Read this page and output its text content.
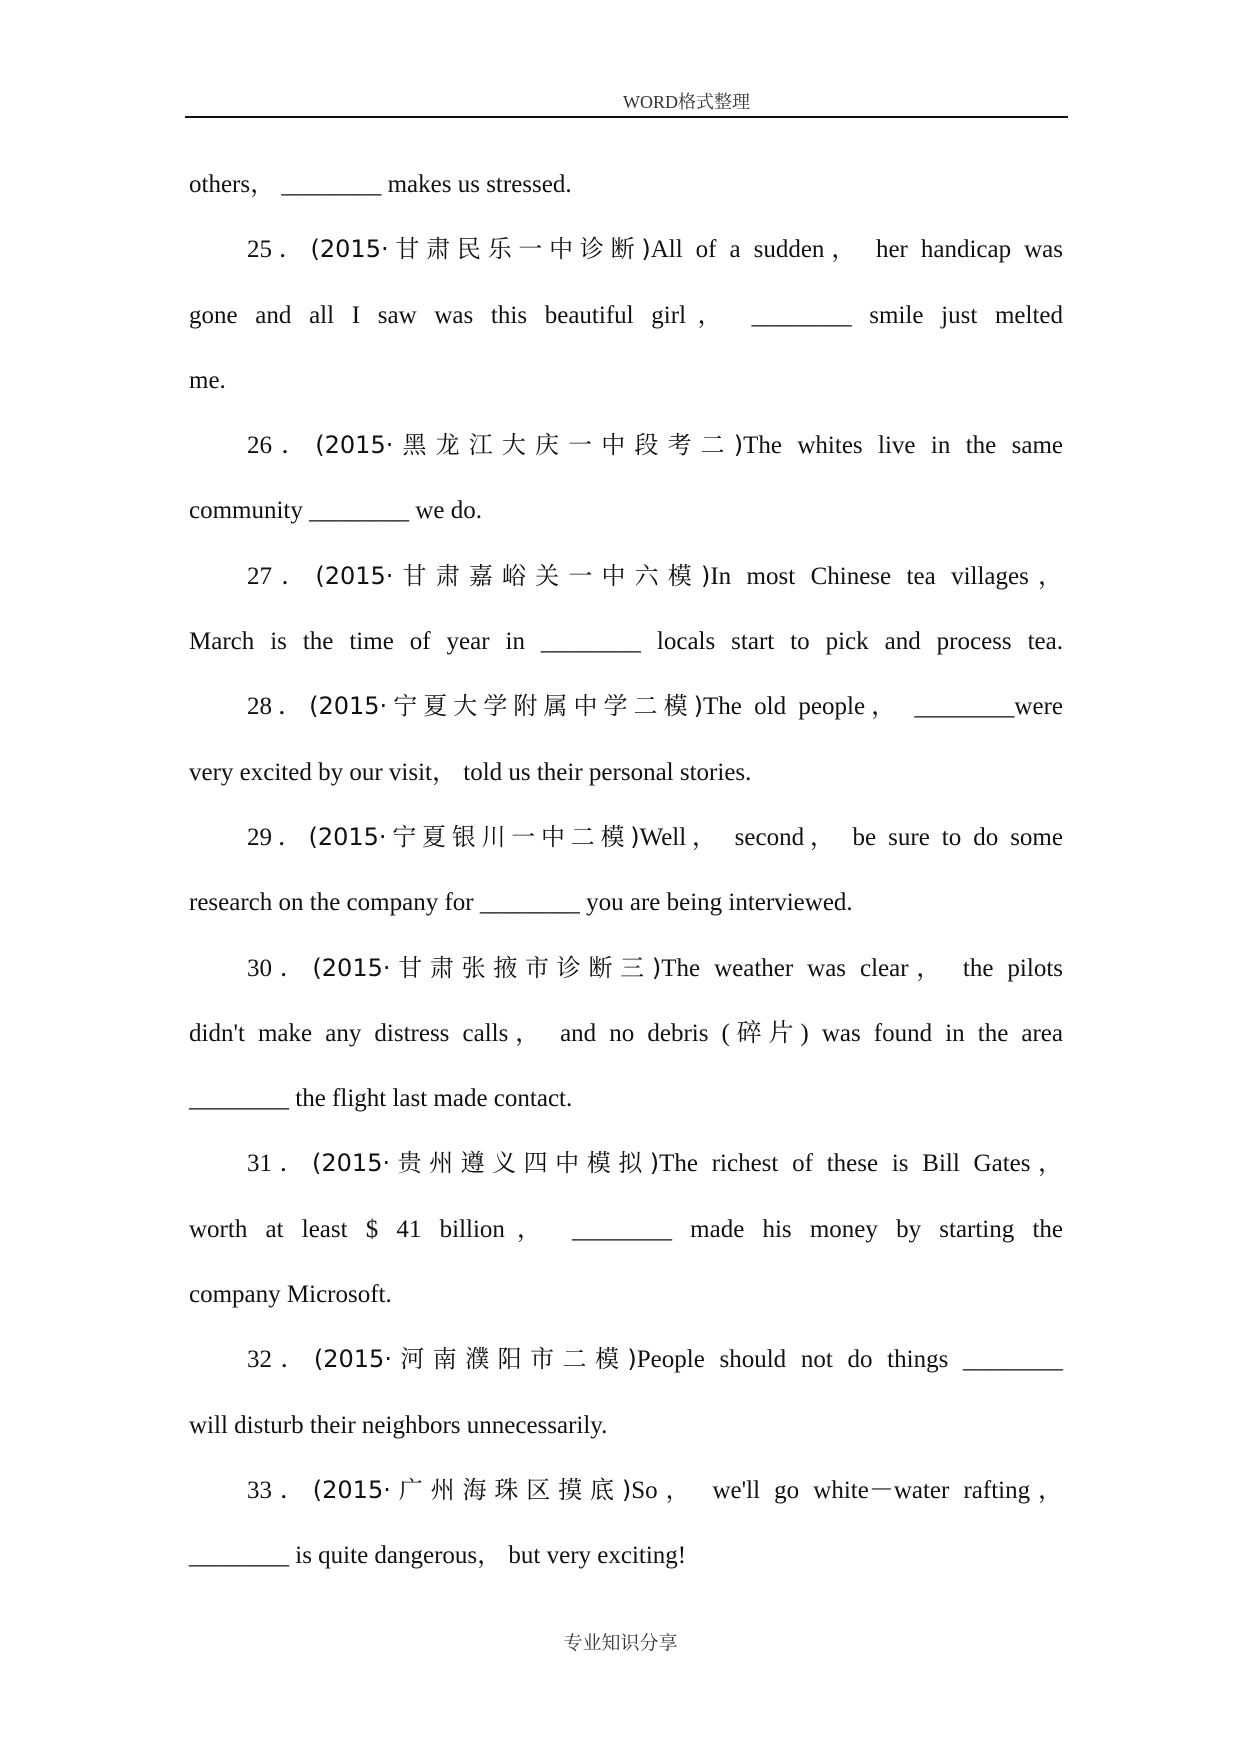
WORD格式整理
others， ________ makes us stressed.
25．(2015·甘肃民乐一中诊断)All of a sudden， her handicap was
gone and all I saw was this beautiful girl， ________ smile just melted
me.
26．(2015·黑龙江大庆一中段考二)The whites live in the same
community ________ we do.
27．(2015·甘肃嘉峪关一中六模)In most Chinese tea villages，
March is the time of year in ________ locals start to pick and process tea.
28．(2015·宁夏大学附属中学二模)The old people， ________were
very excited by our visit， told us their personal stories.
29．(2015·宁夏银川一中二模)Well， second， be sure to do some
research on the company for ________ you are being interviewed.
30．(2015·甘肃张掖市诊断三)The weather was clear， the pilots
didn't make any distress calls， and no debris (碎片) was found in the area
________ the flight last made contact.
31．(2015·贵州遵义四中模拟)The richest of these is Bill Gates，
worth at least $ 41 billion， ________ made his money by starting the
company Microsoft.
32．(2015·河南濮阳市二模)People should not do things ________
will disturb their neighbors unnecessarily.
33．(2015·广州海珠区摸底)So， we'll go white－water rafting，
________ is quite dangerous， but very exciting!
专业知识分享
